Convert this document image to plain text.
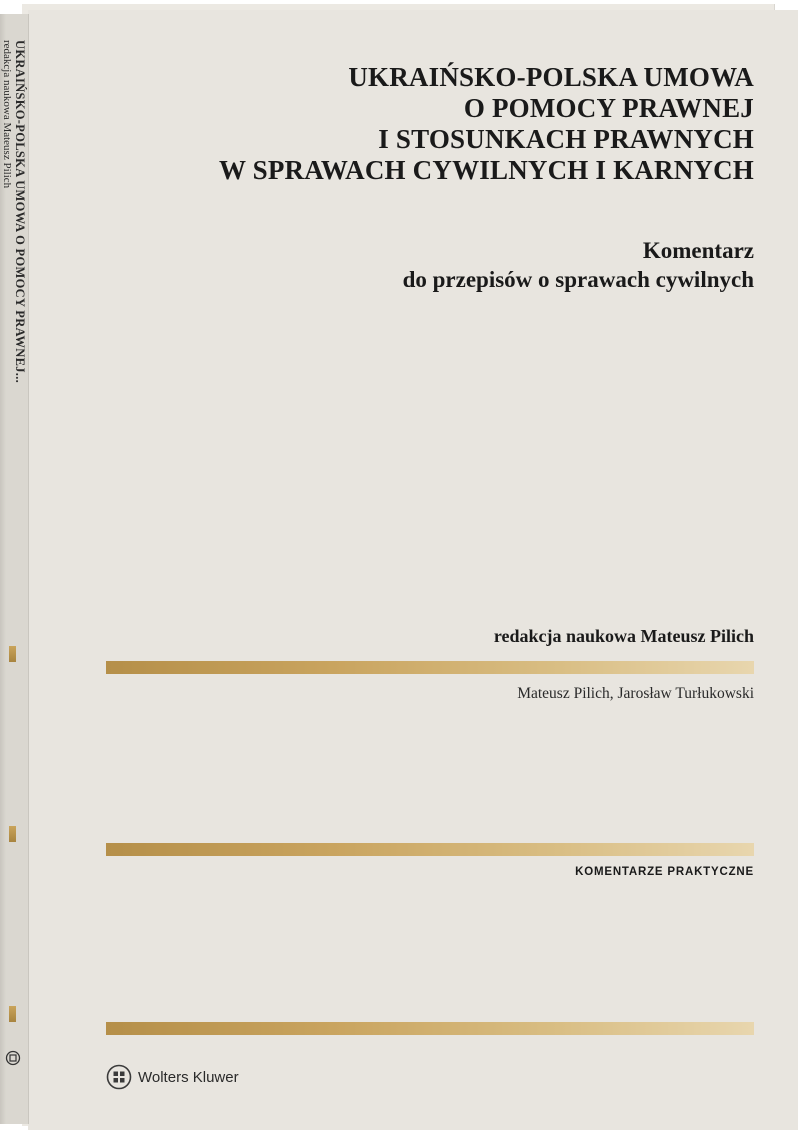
UKRAIŃSKO-POLSKA UMOWA O POMOCY PRAWNEJ...
redakcja naukowa Mateusz Pilich	UKRAIŃSKO-POLSKA UMOWA
O POMOCY PRAWNEJ
I STOSUNKACH PRAWNYCH
W SPRAWACH CYWILNYCH I KARNYCH
Komentarz
do przepisów o sprawach cywilnych
redakcja naukowa Mateusz Pilich
Mateusz Pilich, Jarosław Turłukowski
KOMENTARZE PRAKTYCZNE
Wolters Kluwer
